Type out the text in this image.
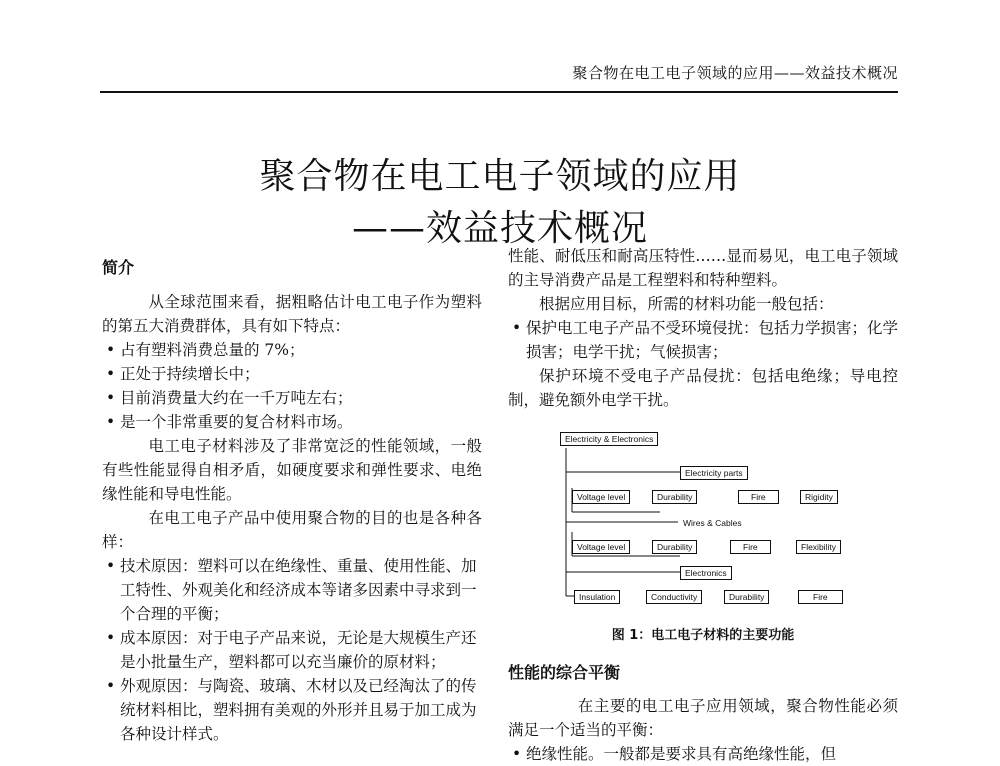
聚合物在电工电子领域的应用——效益技术概况
聚合物在电工电子领域的应用
——效益技术概况
简介

从全球范围来看，据粗略估计电工电子作为塑料的第五大消费群体，具有如下特点：

• 占有塑料消费总量的 7%；
• 正处于持续增长中；
• 目前消费量大约在一千万吨左右；
• 是一个非常重要的复合材料市场。

电工电子材料涉及了非常宽泛的性能领域，一般有些性能显得自相矛盾，如硬度要求和弹性要求、电绝缘性能和导电性能。

在电工电子产品中使用聚合物的目的也是各种各样：

• 技术原因：塑料可以在绝缘性、重量、使用性能、加工特性、外观美化和经济成本等诸多因素中寻求到一个合理的平衡；
• 成本原因：对于电子产品来说，无论是大规模生产还是小批量生产，塑料都可以充当廉价的原材料；
• 外观原因：与陶瓷、玻璃、木材以及已经淘汰了的传统材料相比，塑料拥有美观的外形并且易于加工成为各种设计样式。

性能、耐低压和耐高压特性……显而易见，电工电子领域的主导消费产品是工程塑料和特种塑料。

根据应用目标，所需的材料功能一般包括：

• 保护电工电子产品不受环境侵扰：包括力学损害；化学损害；电学干扰；气候损害；

保护环境不受电子产品侵扰：包括电绝缘；导电控制，避免额外电学干扰。

Electricity & Electronics
Electricity parts
Voltage level	Durability	Fire	Rigidity
Wires & Cables
Voltage level	Durability	Fire	Flexibility
Electronics
Insulation	Conductivity	Durability	Fire
图 1：电工电子材料的主要功能
性能的综合平衡

在主要的电工电子应用领域，聚合物性能必须满足一个适当的平衡：

• 绝缘性能。一般都是要求具有高绝缘性能，但
